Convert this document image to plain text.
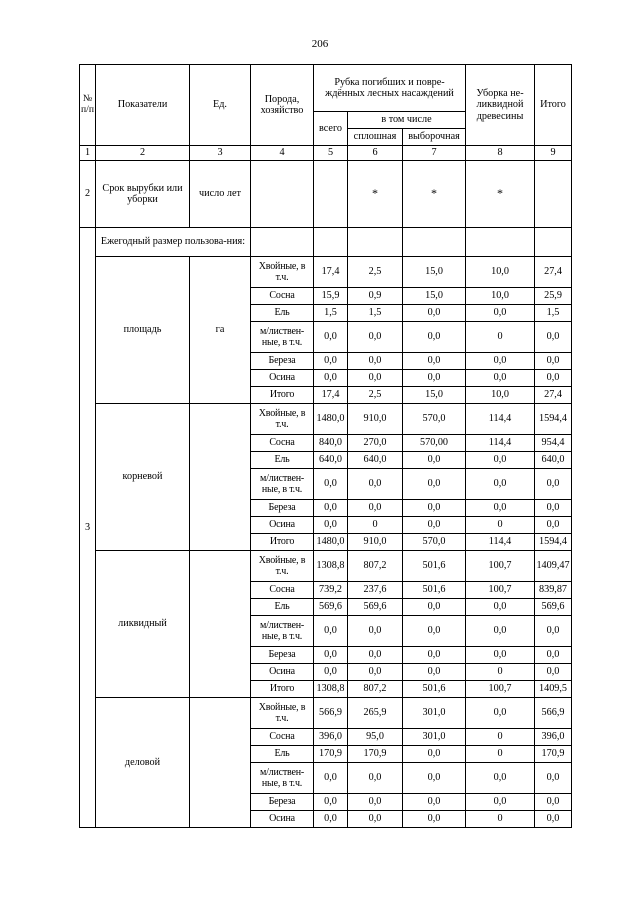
206
№ п/п	Показатели	Ед.	Порода, хозяйство	Рубка погибших и повре-ждённых лесных насаждений			Уборка не-ликвидной древесины	Итого
				всего	в том числе			
					сплошная	выборочная		
1	2	3	4	5	6	7	8	9
2	Срок вырубки или уборки	число лет			*	*	*	
3	Ежегодный размер пользова-ния:							
	площадь	га	Хвойные, в т.ч.	17,4	2,5	15,0	10,0	27,4
			Сосна	15,9	0,9	15,0	10,0	25,9
			Ель	1,5	1,5	0,0	0,0	1,5
			м/листвен-ные, в т.ч.	0,0	0,0	0,0	0	0,0
			Береза	0,0	0,0	0,0	0,0	0,0
			Осина	0,0	0,0	0,0	0,0	0,0
			Итого	17,4	2,5	15,0	10,0	27,4
	корневой		Хвойные, в т.ч.	1480,0	910,0	570,0	114,4	1594,4
			Сосна	840,0	270,0	570,00	114,4	954,4
			Ель	640,0	640,0	0,0	0,0	640,0
			м/листвен-ные, в т.ч.	0,0	0,0	0,0	0,0	0,0
			Береза	0,0	0,0	0,0	0,0	0,0
			Осина	0,0	0	0,0	0	0,0
			Итого	1480,0	910,0	570,0	114,4	1594,4
	ликвидный		Хвойные, в т.ч.	1308,8	807,2	501,6	100,7	1409,47
			Сосна	739,2	237,6	501,6	100,7	839,87
			Ель	569,6	569,6	0,0	0,0	569,6
			м/листвен-ные, в т.ч.	0,0	0,0	0,0	0,0	0,0
			Береза	0,0	0,0	0,0	0,0	0,0
			Осина	0,0	0,0	0,0	0	0,0
			Итого	1308,8	807,2	501,6	100,7	1409,5
	деловой		Хвойные, в т.ч.	566,9	265,9	301,0	0,0	566,9
			Сосна	396,0	95,0	301,0	0	396,0
			Ель	170,9	170,9	0,0	0	170,9
			м/листвен-ные, в т.ч.	0,0	0,0	0,0	0,0	0,0
			Берeза	0,0	0,0	0,0	0,0	0,0
			Осина	0,0	0,0	0,0	0	0,0
